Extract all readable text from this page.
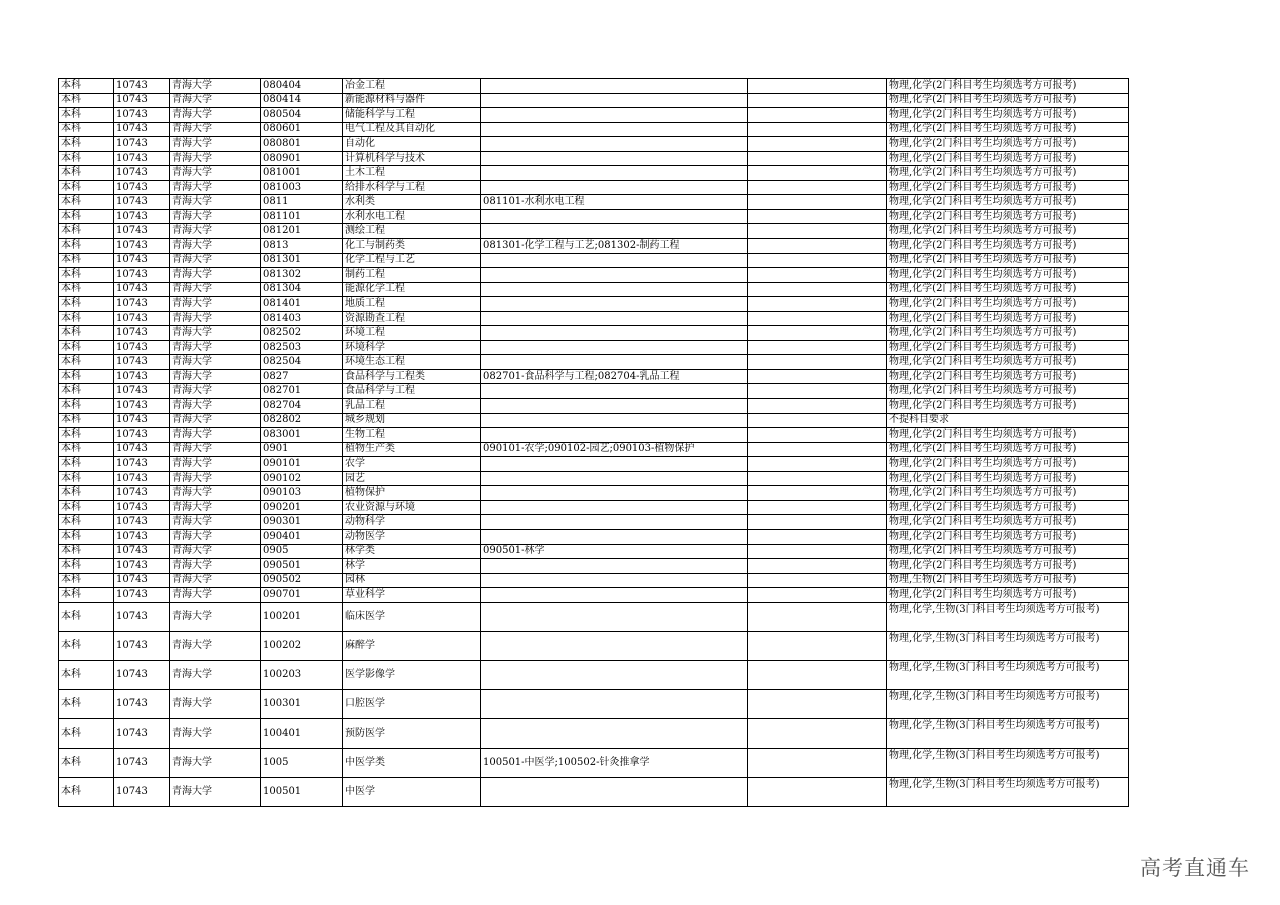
本科	10743	青海大学	080404	冶金工程			物理,化学(2门科目考生均须选考方可报考)
本科	10743	青海大学	080414	新能源材料与器件			物理,化学(2门科目考生均须选考方可报考)
本科	10743	青海大学	080504	储能科学与工程			物理,化学(2门科目考生均须选考方可报考)
本科	10743	青海大学	080601	电气工程及其自动化			物理,化学(2门科目考生均须选考方可报考)
本科	10743	青海大学	080801	自动化			物理,化学(2门科目考生均须选考方可报考)
本科	10743	青海大学	080901	计算机科学与技术			物理,化学(2门科目考生均须选考方可报考)
本科	10743	青海大学	081001	土木工程			物理,化学(2门科目考生均须选考方可报考)
本科	10743	青海大学	081003	给排水科学与工程			物理,化学(2门科目考生均须选考方可报考)
本科	10743	青海大学	0811	水利类	081101-水利水电工程		物理,化学(2门科目考生均须选考方可报考)
本科	10743	青海大学	081101	水利水电工程			物理,化学(2门科目考生均须选考方可报考)
本科	10743	青海大学	081201	测绘工程			物理,化学(2门科目考生均须选考方可报考)
本科	10743	青海大学	0813	化工与制药类	081301-化学工程与工艺;081302-制药工程		物理,化学(2门科目考生均须选考方可报考)
本科	10743	青海大学	081301	化学工程与工艺			物理,化学(2门科目考生均须选考方可报考)
本科	10743	青海大学	081302	制药工程			物理,化学(2门科目考生均须选考方可报考)
本科	10743	青海大学	081304	能源化学工程			物理,化学(2门科目考生均须选考方可报考)
本科	10743	青海大学	081401	地质工程			物理,化学(2门科目考生均须选考方可报考)
本科	10743	青海大学	081403	资源勘查工程			物理,化学(2门科目考生均须选考方可报考)
本科	10743	青海大学	082502	环境工程			物理,化学(2门科目考生均须选考方可报考)
本科	10743	青海大学	082503	环境科学			物理,化学(2门科目考生均须选考方可报考)
本科	10743	青海大学	082504	环境生态工程			物理,化学(2门科目考生均须选考方可报考)
本科	10743	青海大学	0827	食品科学与工程类	082701-食品科学与工程;082704-乳品工程		物理,化学(2门科目考生均须选考方可报考)
本科	10743	青海大学	082701	食品科学与工程			物理,化学(2门科目考生均须选考方可报考)
本科	10743	青海大学	082704	乳品工程			物理,化学(2门科目考生均须选考方可报考)
本科	10743	青海大学	082802	城乡规划			不提科目要求
本科	10743	青海大学	083001	生物工程			物理,化学(2门科目考生均须选考方可报考)
本科	10743	青海大学	0901	植物生产类	090101-农学;090102-园艺;090103-植物保护		物理,化学(2门科目考生均须选考方可报考)
本科	10743	青海大学	090101	农学			物理,化学(2门科目考生均须选考方可报考)
本科	10743	青海大学	090102	园艺			物理,化学(2门科目考生均须选考方可报考)
本科	10743	青海大学	090103	植物保护			物理,化学(2门科目考生均须选考方可报考)
本科	10743	青海大学	090201	农业资源与环境			物理,化学(2门科目考生均须选考方可报考)
本科	10743	青海大学	090301	动物科学			物理,化学(2门科目考生均须选考方可报考)
本科	10743	青海大学	090401	动物医学			物理,化学(2门科目考生均须选考方可报考)
本科	10743	青海大学	0905	林学类	090501-林学		物理,化学(2门科目考生均须选考方可报考)
本科	10743	青海大学	090501	林学			物理,化学(2门科目考生均须选考方可报考)
本科	10743	青海大学	090502	园林			物理,生物(2门科目考生均须选考方可报考)
本科	10743	青海大学	090701	草业科学			物理,化学(2门科目考生均须选考方可报考)
本科	10743	青海大学	100201	临床医学			物理,化学,生物(3门科目考生均须选考方可报考)
本科	10743	青海大学	100202	麻醉学			物理,化学,生物(3门科目考生均须选考方可报考)
本科	10743	青海大学	100203	医学影像学			物理,化学,生物(3门科目考生均须选考方可报考)
本科	10743	青海大学	100301	口腔医学			物理,化学,生物(3门科目考生均须选考方可报考)
本科	10743	青海大学	100401	预防医学			物理,化学,生物(3门科目考生均须选考方可报考)
本科	10743	青海大学	1005	中医学类	100501-中医学;100502-针灸推拿学		物理,化学,生物(3门科目考生均须选考方可报考)
本科	10743	青海大学	100501	中医学			物理,化学,生物(3门科目考生均须选考方可报考)
高考直通车
